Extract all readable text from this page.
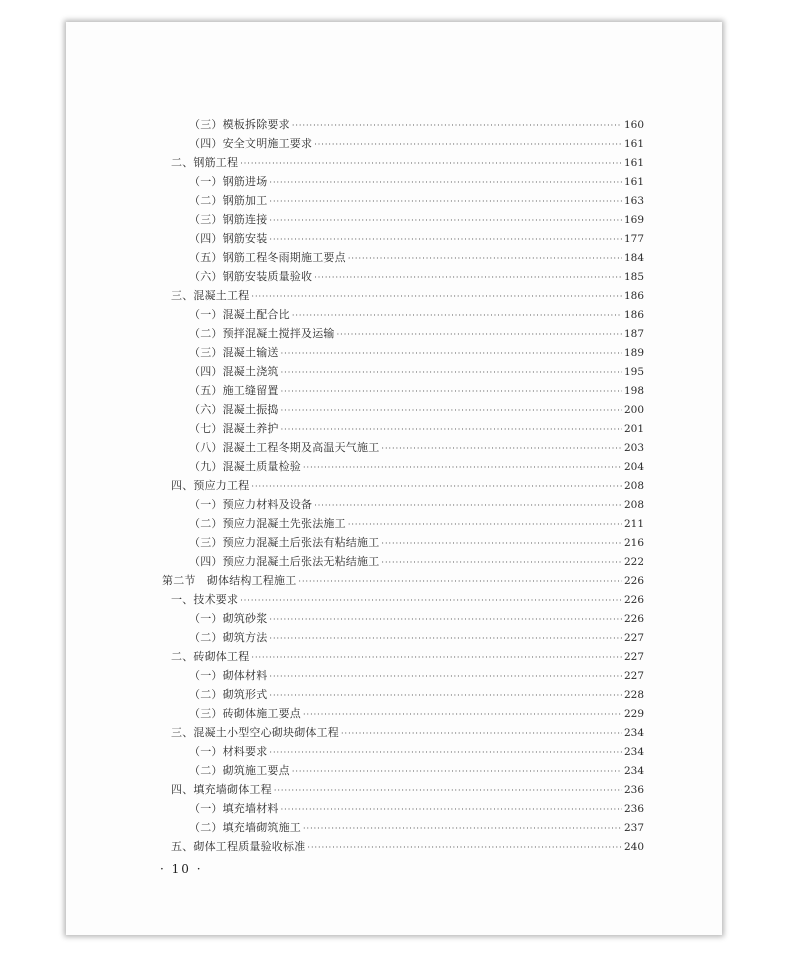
（三）模板拆除要求 ·····	160
（四）安全文明施工要求 ·····	161
二、钢筋工程 ·····	161
（一）钢筋进场 ·····	161
（二）钢筋加工 ·····	163
（三）钢筋连接 ·····	169
（四）钢筋安装 ·····	177
（五）钢筋工程冬雨期施工要点 ·····	184
（六）钢筋安装质量验收 ·····	185
三、混凝土工程 ·····	186
（一）混凝土配合比 ·····	186
（二）预拌混凝土搅拌及运输 ·····	187
（三）混凝土输送 ·····	189
（四）混凝土浇筑 ·····	195
（五）施工缝留置 ·····	198
（六）混凝土振捣 ·····	200
（七）混凝土养护 ·····	201
（八）混凝土工程冬期及高温天气施工 ·····	203
（九）混凝土质量检验 ·····	204
四、预应力工程 ·····	208
（一）预应力材料及设备 ·····	208
（二）预应力混凝土先张法施工 ·····	211
（三）预应力混凝土后张法有粘结施工 ·····	216
（四）预应力混凝土后张法无粘结施工 ·····	222
第二节　砌体结构工程施工 ·····	226
一、技术要求 ·····	226
（一）砌筑砂浆 ·····	226
（二）砌筑方法 ·····	227
二、砖砌体工程 ·····	227
（一）砌体材料 ·····	227
（二）砌筑形式 ·····	228
（三）砖砌体施工要点 ·····	229
三、混凝土小型空心砌块砌体工程 ·····	234
（一）材料要求 ·····	234
（二）砌筑施工要点 ·····	234
四、填充墙砌体工程 ·····	236
（一）填充墙材料 ·····	236
（二）填充墙砌筑施工 ·····	237
五、砌体工程质量验收标准 ·····	240
· 10 ·
